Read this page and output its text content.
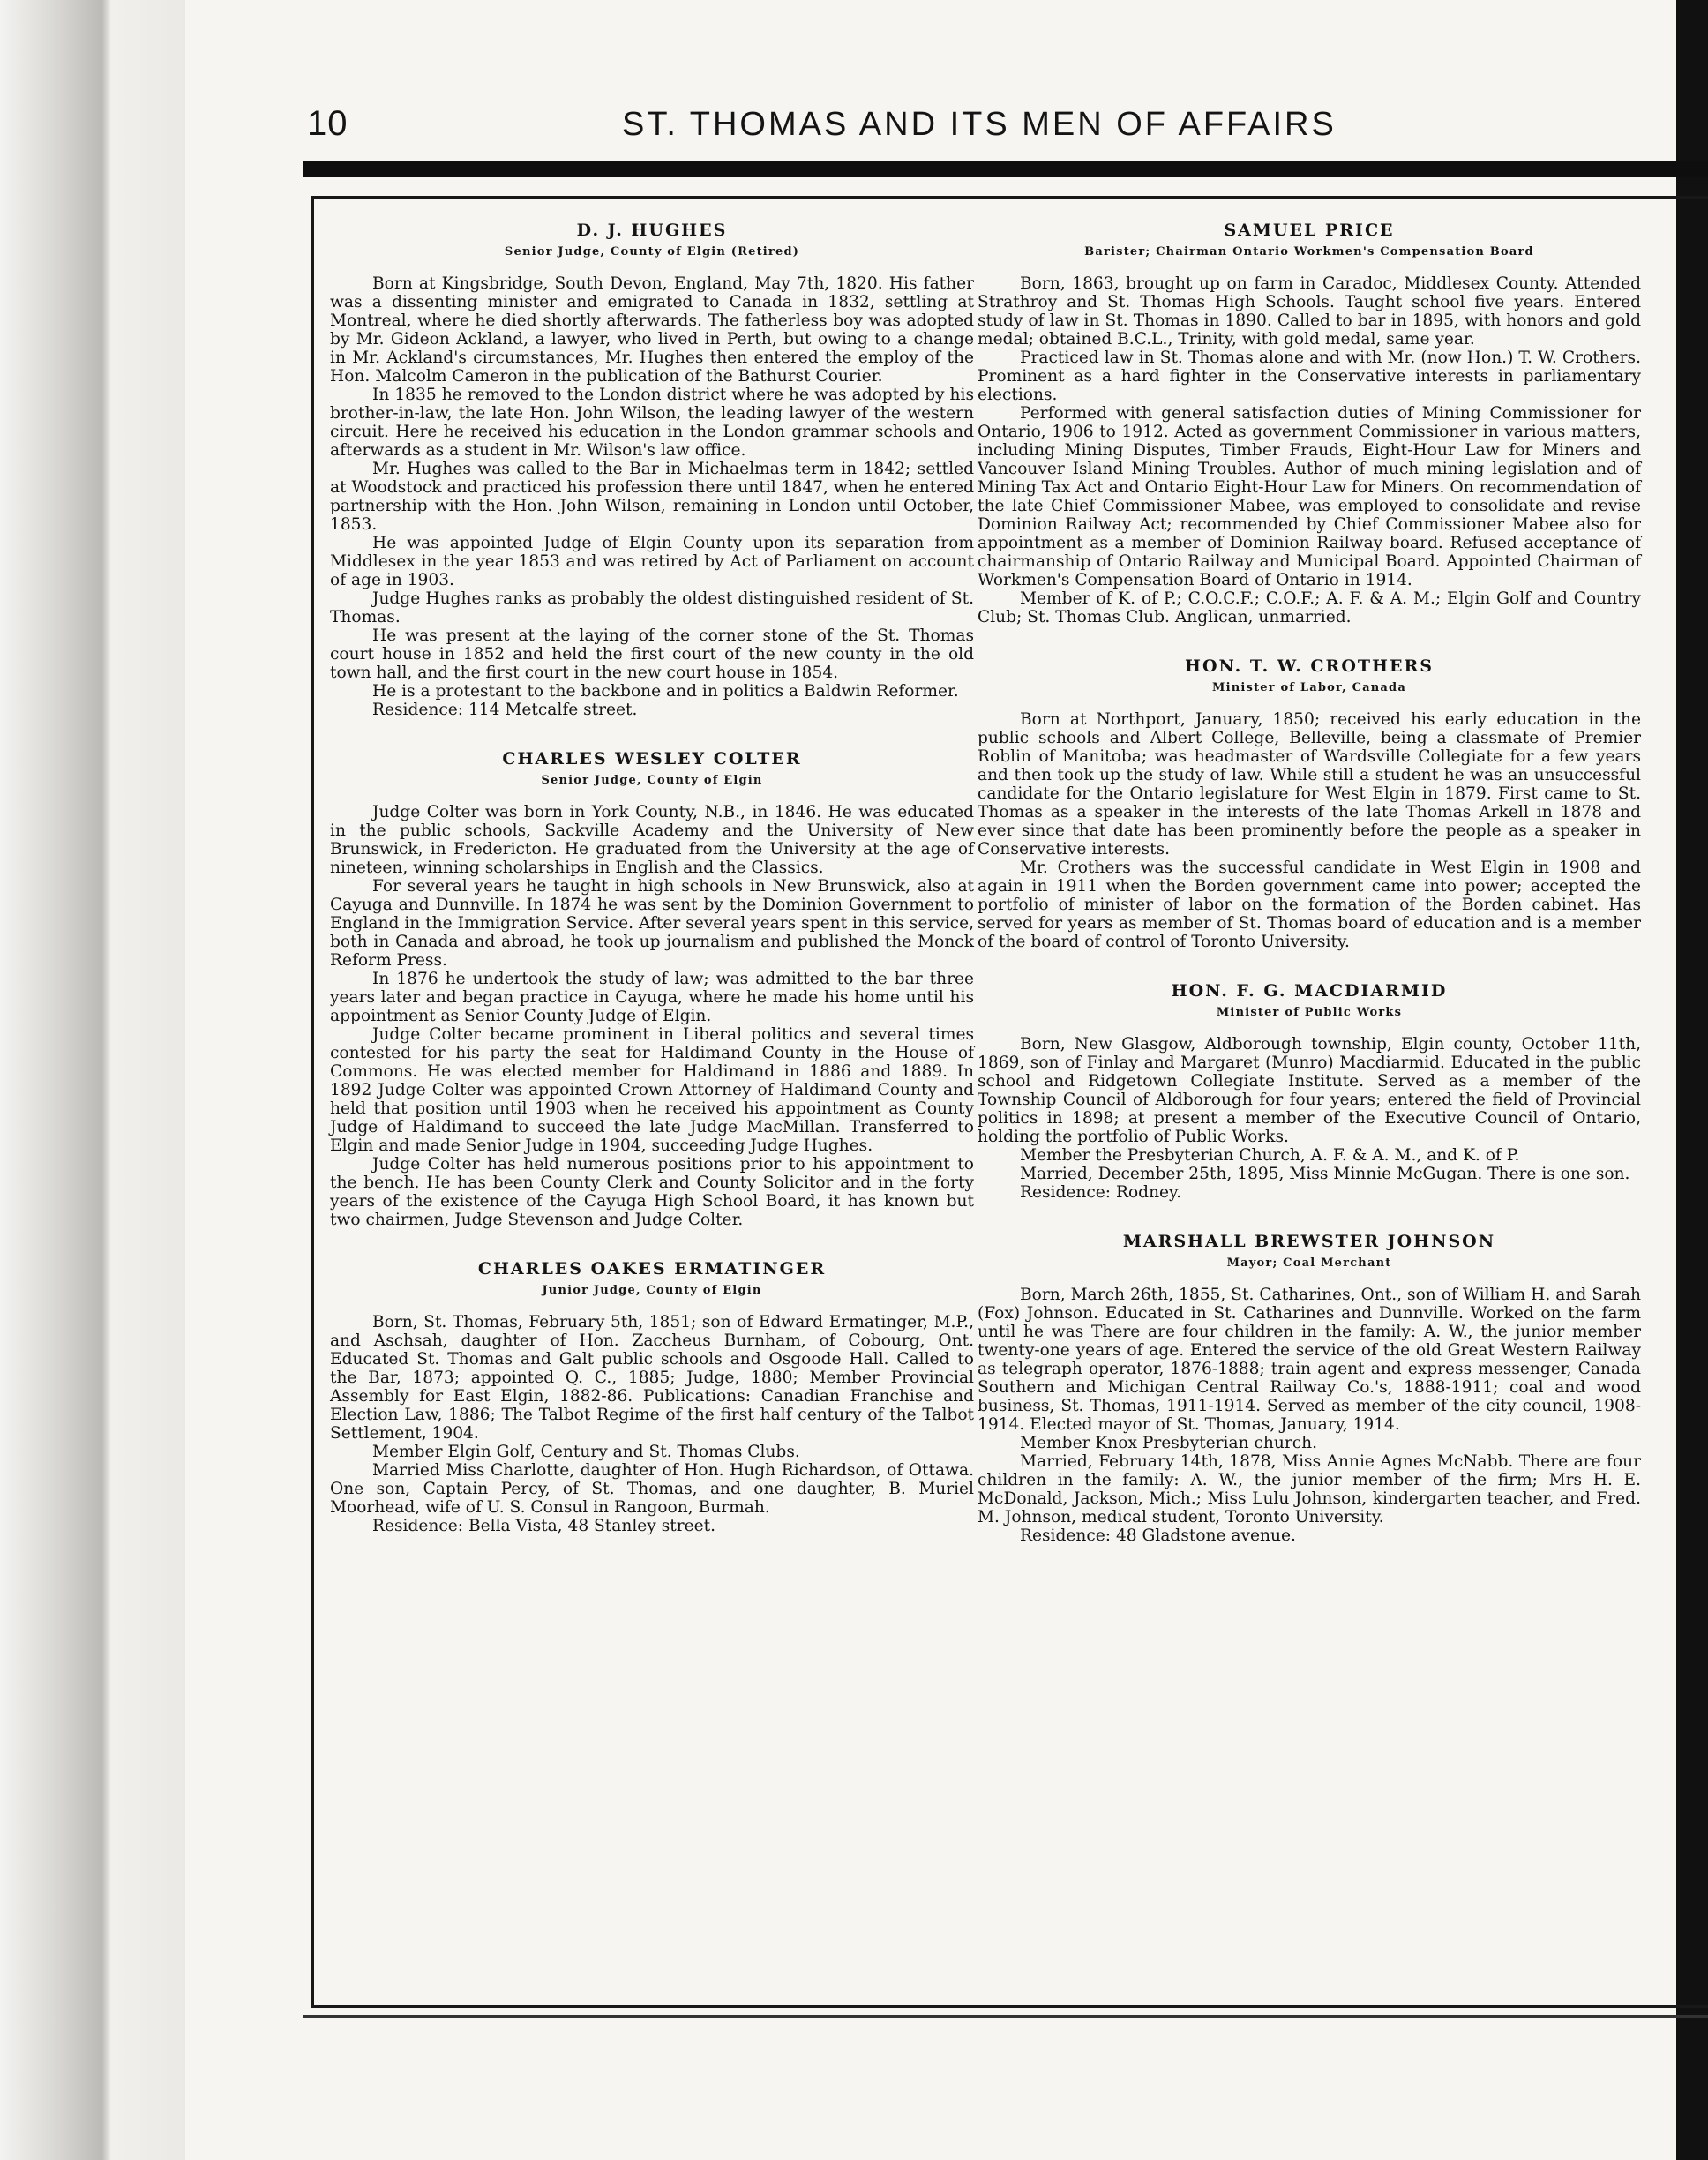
10	ST. THOMAS AND ITS MEN OF AFFAIRS

D. J. HUGHES

Senior Judge, County of Elgin (Retired)

Born at Kingsbridge, South Devon, England, May 7th, 1820. His father was a dissenting minister and emigrated to Canada in 1832, settling at Montreal, where he died shortly afterwards. The fatherless boy was adopted by Mr. Gideon Ackland, a lawyer, who lived in Perth, but owing to a change in Mr. Ackland's circumstances, Mr. Hughes then entered the employ of the Hon. Malcolm Cameron in the publication of the Bathurst Courier.

In 1835 he removed to the London district where he was adopted by his brother-in-law, the late Hon. John Wilson, the leading lawyer of the western circuit. Here he received his education in the London grammar schools and afterwards as a student in Mr. Wilson's law office.

Mr. Hughes was called to the Bar in Michaelmas term in 1842; settled at Woodstock and practiced his profession there until 1847, when he entered partnership with the Hon. John Wilson, remaining in London until October, 1853.

He was appointed Judge of Elgin County upon its separation from Middlesex in the year 1853 and was retired by Act of Parliament on account of age in 1903.

Judge Hughes ranks as probably the oldest distinguished resident of St. Thomas.

He was present at the laying of the corner stone of the St. Thomas court house in 1852 and held the first court of the new county in the old town hall, and the first court in the new court house in 1854.

He is a protestant to the backbone and in politics a Baldwin Reformer.

Residence: 114 Metcalfe street.

CHARLES WESLEY COLTER

Senior Judge, County of Elgin

Judge Colter was born in York County, N.B., in 1846. He was educated in the public schools, Sackville Academy and the University of New Brunswick, in Fredericton. He graduated from the University at the age of nineteen, winning scholarships in English and the Classics.

For several years he taught in high schools in New Brunswick, also at Cayuga and Dunnville. In 1874 he was sent by the Dominion Government to England in the Immigration Service. After several years spent in this service, both in Canada and abroad, he took up journalism and published the Monck Reform Press.

In 1876 he undertook the study of law; was admitted to the bar three years later and began practice in Cayuga, where he made his home until his appointment as Senior County Judge of Elgin.

Judge Colter became prominent in Liberal politics and several times contested for his party the seat for Haldimand County in the House of Commons. He was elected member for Haldimand in 1886 and 1889. In 1892 Judge Colter was appointed Crown Attorney of Haldimand County and held that position until 1903 when he received his appointment as County Judge of Haldimand to succeed the late Judge MacMillan. Transferred to Elgin and made Senior Judge in 1904, succeeding Judge Hughes.

Judge Colter has held numerous positions prior to his appointment to the bench. He has been County Clerk and County Solicitor and in the forty years of the existence of the Cayuga High School Board, it has known but two chairmen, Judge Stevenson and Judge Colter.

CHARLES OAKES ERMATINGER

Junior Judge, County of Elgin

Born, St. Thomas, February 5th, 1851; son of Edward Ermatinger, M.P., and Aschsah, daughter of Hon. Zaccheus Burnham, of Cobourg, Ont. Educated St. Thomas and Galt public schools and Osgoode Hall. Called to the Bar, 1873; appointed Q. C., 1885; Judge, 1880; Member Provincial Assembly for East Elgin, 1882-86. Publications: Canadian Franchise and Election Law, 1886; The Talbot Regime of the first half century of the Talbot Settlement, 1904.

Member Elgin Golf, Century and St. Thomas Clubs.

Married Miss Charlotte, daughter of Hon. Hugh Richardson, of Ottawa. One son, Captain Percy, of St. Thomas, and one daughter, B. Muriel Moorhead, wife of U. S. Consul in Rangoon, Burmah.

Residence: Bella Vista, 48 Stanley street.

SAMUEL PRICE

Barister; Chairman Ontario Workmen's Compensation Board

Born, 1863, brought up on farm in Caradoc, Middlesex County. Attended Strathroy and St. Thomas High Schools. Taught school five years. Entered study of law in St. Thomas in 1890. Called to bar in 1895, with honors and gold medal; obtained B.C.L., Trinity, with gold medal, same year.

Practiced law in St. Thomas alone and with Mr. (now Hon.) T. W. Crothers. Prominent as a hard fighter in the Conservative interests in parliamentary elections.

Performed with general satisfaction duties of Mining Commissioner for Ontario, 1906 to 1912. Acted as government Commissioner in various matters, including Mining Disputes, Timber Frauds, Eight-Hour Law for Miners and Vancouver Island Mining Troubles. Author of much mining legislation and of Mining Tax Act and Ontario Eight-Hour Law for Miners. On recommendation of the late Chief Commissioner Mabee, was employed to consolidate and revise Dominion Railway Act; recommended by Chief Commissioner Mabee also for appointment as a member of Dominion Railway board. Refused acceptance of chairmanship of Ontario Railway and Municipal Board. Appointed Chairman of Workmen's Compensation Board of Ontario in 1914.

Member of K. of P.; C.O.C.F.; C.O.F.; A. F. & A. M.; Elgin Golf and Country Club; St. Thomas Club. Anglican, unmarried.

HON. T. W. CROTHERS

Minister of Labor, Canada

Born at Northport, January, 1850; received his early education in the public schools and Albert College, Belleville, being a classmate of Premier Roblin of Manitoba; was headmaster of Wardsville Collegiate for a few years and then took up the study of law. While still a student he was an unsuccessful candidate for the Ontario legislature for West Elgin in 1879. First came to St. Thomas as a speaker in the interests of the late Thomas Arkell in 1878 and ever since that date has been prominently before the people as a speaker in Conservative interests.

Mr. Crothers was the successful candidate in West Elgin in 1908 and again in 1911 when the Borden government came into power; accepted the portfolio of minister of labor on the formation of the Borden cabinet. Has served for years as member of St. Thomas board of education and is a member of the board of control of Toronto University.

HON. F. G. MACDIARMID

Minister of Public Works

Born, New Glasgow, Aldborough township, Elgin county, October 11th, 1869, son of Finlay and Margaret (Munro) Macdiarmid. Educated in the public school and Ridgetown Collegiate Institute. Served as a member of the Township Council of Aldborough for four years; entered the field of Provincial politics in 1898; at present a member of the Executive Council of Ontario, holding the portfolio of Public Works.

Member the Presbyterian Church, A. F. & A. M., and K. of P.

Married, December 25th, 1895, Miss Minnie McGugan. There is one son.

Residence: Rodney.

MARSHALL BREWSTER JOHNSON

Mayor; Coal Merchant

Born, March 26th, 1855, St. Catharines, Ont., son of William H. and Sarah (Fox) Johnson. Educated in St. Catharines and Dunnville. Worked on the farm until he was There are four children in the family: A. W., the junior member twenty-one years of age. Entered the service of the old Great Western Railway as telegraph operator, 1876-1888; train agent and express messenger, Canada Southern and Michigan Central Railway Co.'s, 1888-1911; coal and wood business, St. Thomas, 1911-1914. Served as member of the city council, 1908-1914. Elected mayor of St. Thomas, January, 1914.

Member Knox Presbyterian church.

Married, February 14th, 1878, Miss Annie Agnes McNabb. There are four children in the family: A. W., the junior member of the firm; Mrs H. E. McDonald, Jackson, Mich.; Miss Lulu Johnson, kindergarten teacher, and Fred. M. Johnson, medical student, Toronto University.

Residence: 48 Gladstone avenue.
